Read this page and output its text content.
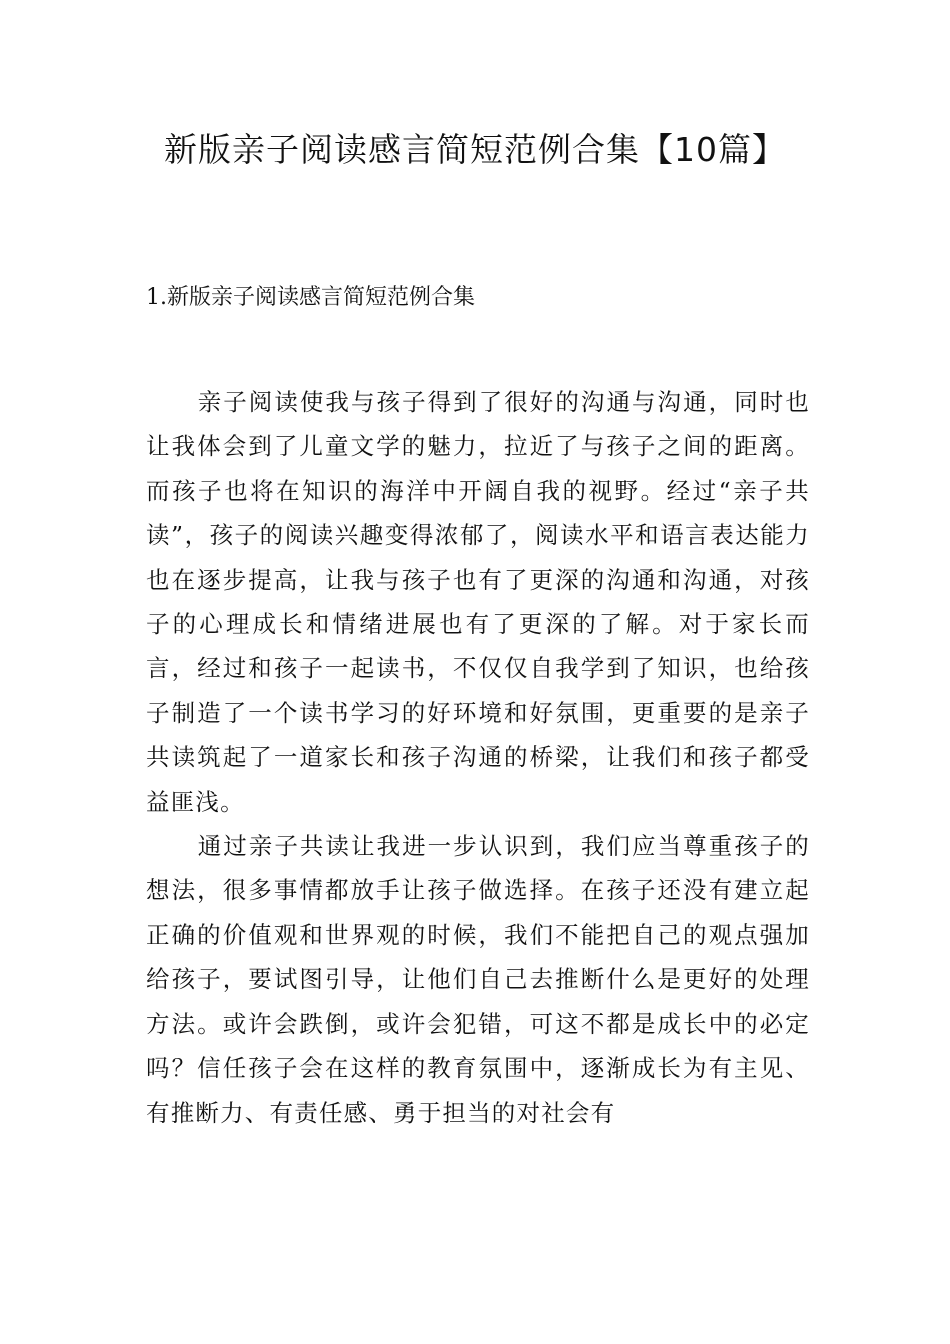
新版亲子阅读感言简短范例合集【10篇】
1.新版亲子阅读感言简短范例合集

亲子阅读使我与孩子得到了很好的沟通与沟通，同时也让我体会到了儿童文学的魅力，拉近了与孩子之间的距离。而孩子也将在知识的海洋中开阔自我的视野。经过“亲子共读”，孩子的阅读兴趣变得浓郁了，阅读水平和语言表达能力也在逐步提高，让我与孩子也有了更深的沟通和沟通，对孩子的心理成长和情绪进展也有了更深的了解。对于家长而言，经过和孩子一起读书，不仅仅自我学到了知识，也给孩子制造了一个读书学习的好环境和好氛围，更重要的是亲子共读筑起了一道家长和孩子沟通的桥梁，让我们和孩子都受益匪浅。

通过亲子共读让我进一步认识到，我们应当尊重孩子的想法，很多事情都放手让孩子做选择。在孩子还没有建立起正确的价值观和世界观的时候，我们不能把自己的观点强加给孩子，要试图引导，让他们自己去推断什么是更好的处理方法。或许会跌倒，或许会犯错，可这不都是成长中的必定吗？信任孩子会在这样的教育氛围中，逐渐成长为有主见、有推断力、有责任感、勇于担当的对社会有
